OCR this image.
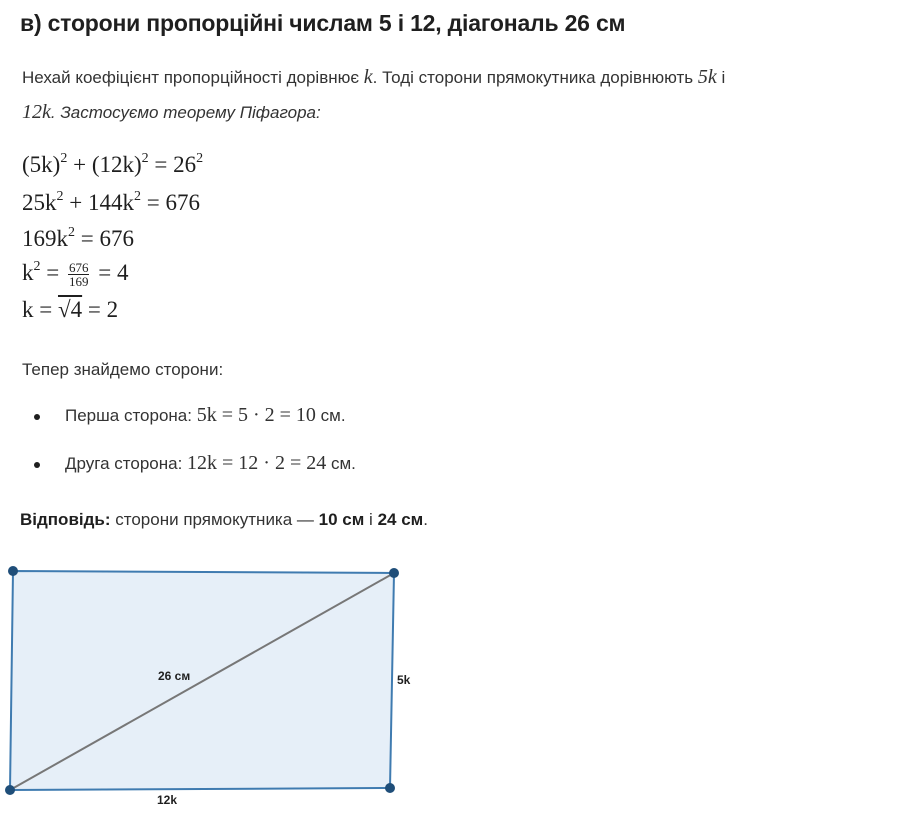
в) сторони пропорційні числам 5 і 12, діагональ 26 см
Нехай коефіцієнт пропорційності дорівнює k. Тоді сторони прямокутника дорівнюють 5k і
12k. Застосуємо теорему Піфагора:
$(5k)^2 + (12k)^2 = 26^2$
$25k^2 + 144k^2 = 676$
$169k^2 = 676$
$k^2 = \frac{676}{169} = 4$
k = √4 = 2
Тепер знайдемо сторони:
Перша сторона: 5k = 5 · 2 = 10 см.
Друга сторона: 12k = 12 · 2 = 24 см.
Відповідь: сторони прямокутника — 10 см і 24 см.
26 см	5k
12k
